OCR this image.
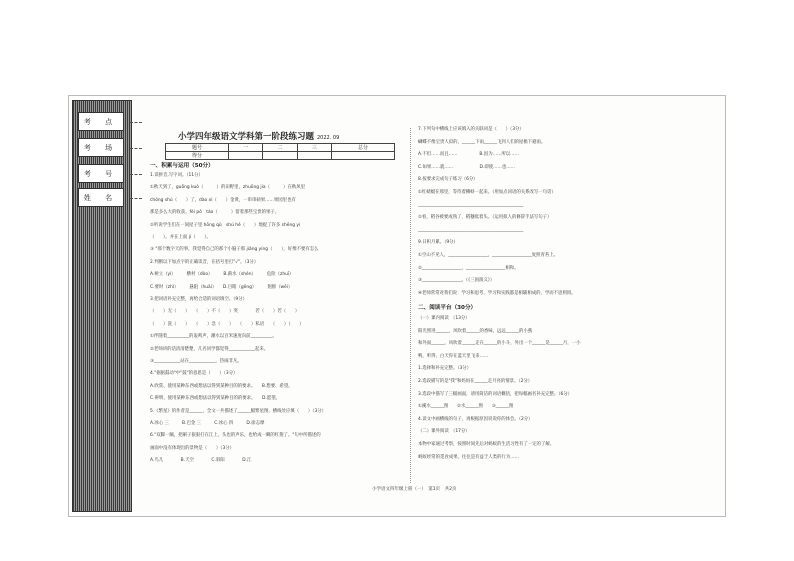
考 点
考 场
考 号
姓 名
小学四年级语文学科第一阶段练习题 2022. 09
题号	一	二	三	总分
得分				
一、积累与运用（50分）
1.读拼音,写字词。（11分）
①秋天到了，guǒng kuò（　　　）的田野里，zhuōng jia（　　　）在秋风里
chóng shú（　　）了，dào xi（　　）金黄，一串串硕果……果园里也有
那是多么大的收获。fèi pó　táo（　　　）留着那些宝贵的果子。
②听说学生们在一间屋子里 hōng qǔ　shú hé（　　）地捉了许多 shēng yi
（　　）。并在上面 jì（　　）。
③ "那个数字天的事，我觉得自己的那个小脑子那 jiǎng yíng（　　），好像不要有怎么
2.判断以下加点字的正确读音，在括号里打"√"。（3分）
A.树立（yì）　　　横村（dòo）　　　B.薪水（shén）　　　危险（zhuī）
C.要时（zhǐ）　　　悬阻（huāi）　　D.目睹（gēng）　　　翅膀（wēi）
3.把词语补充完整，再给合适的词语填空。（9分）
（　　）无（　　）　　（　　）不（　　）突　　　　若（　　）若（　　）
（　　）洗（　　）　　（　　）急（　　）　　（　　）私语　　（　　）（　　）
①伴随着__________的轰鸣声，潮水以百米速度向前__________。
②老师讲的话清清楚楚，几名同学都觉得____________起来。
③____________站在____________，热闹非凡。
4."据据鼓动"中"鼓"的意思是（　　）（3分）
A.欣赏、使用某种东西或想法以得到某种目的的要求。　　B.想要、希望。
C.辨明、使用某种东西或想法以得到某种目的的要求。　　D.愿望。
5.《繁星》的作者是______，全文一共描述了______幅繁星图，横线处应填（　　）（3分）
A.冰心 三　　　B.巴金 三　　　C.冰心 四　　　D.徐志摩
6."双脚一蹦，把刷子狠狠打在江上，头也的声乐，也给成一瞬的红翅了。"句中所描述的
画面中没有体现出的景物是（　　）（3分）
A.鸟儿　　　　B.天空　　　　C.斜阳　　　　D.江
7.下列句中横线上应该填入的关联词是（　　）（3分）
蝴蝶不像宝贵人似的，______下雨______飞到人们的屋檐下避雨。
A.不但……而且……　　　　　B.因为……所以……
C.如果……就……　　　　　　D.即使……也……
8.按要求完成句子练习（6分）
①红蜻蜓在那里，等待着蝌蚪一起来。（用加点词语的关系改写一句话）
________________________________________________
②看，稻谷被要成熟了，稻穗低着头。（运用拟人的修辞手法写句子）
________________________________________________
9.日积月累。（9分）
①空山不见人，__________________，__________________复照青苔上。
②__________________，__________________相和。
③__________________。（《三国演义》）
④老师常常对我们说：学习和思考，学习和实践都是相辅相成的，学而不思则罔。
二、阅读平台（30分）
（一）课内阅读　（13分）
阳光照进______，风吹着______的香味，远远______的小燕
和外面______，风吹着______走在______的小斗，外出一个______是______月，一小
鸭，听得，白天你在蓝天里飞来……
1.选择和补充完整。（3分）
2.选段描写的是"我"和妈妈在______走月亮的情景。（2分）
3.选段中描写了三幅画面，请用简洁的词语概括，把每幅画名补充完整。（6分）
①溪水______图　　②水______图　　③______图
4.读文中画横线的句子，再根据原因说说你的体会。（2分）
（二）课外阅读　（17分）
本物中家通过考察，按照时间先后对蚂蚁的生活习性有了一定的了解。
蚂蚁经常的觅食成果，往往是有益于人类的行为……
小学语文四年级上册（一）　第1页　共2页
